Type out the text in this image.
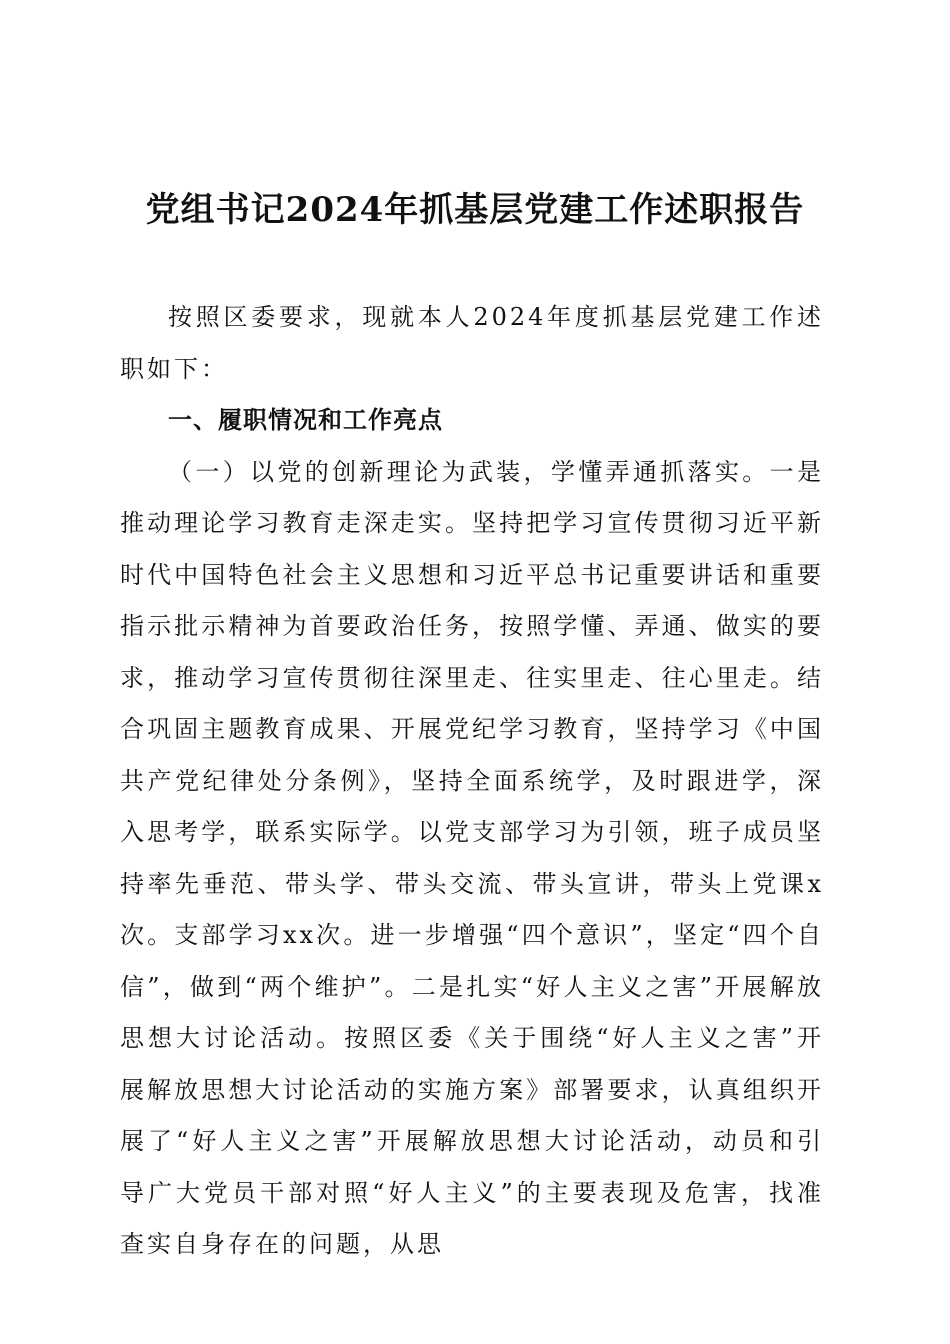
党组书记2024年抓基层党建工作述职报告

按照区委要求，现就本人2024年度抓基层党建工作述职如下：

一、履职情况和工作亮点

（一）以党的创新理论为武装，学懂弄通抓落实。一是推动理论学习教育走深走实。坚持把学习宣传贯彻习近平新时代中国特色社会主义思想和习近平总书记重要讲话和重要指示批示精神为首要政治任务，按照学懂、弄通、做实的要求，推动学习宣传贯彻往深里走、往实里走、往心里走。结合巩固主题教育成果、开展党纪学习教育，坚持学习《中国共产党纪律处分条例》，坚持全面系统学，及时跟进学，深入思考学，联系实际学。以党支部学习为引领，班子成员坚持率先垂范、带头学、带头交流、带头宣讲，带头上党课x次。支部学习xx次。进一步增强“四个意识”，坚定“四个自信”，做到“两个维护”。二是扎实“好人主义之害”开展解放思想大讨论活动。按照区委《关于围绕“好人主义之害”开展解放思想大讨论活动的实施方案》部署要求，认真组织开展了“好人主义之害”开展解放思想大讨论活动，动员和引导广大党员干部对照“好人主义”的主要表现及危害，找准查实自身存在的问题，从思
